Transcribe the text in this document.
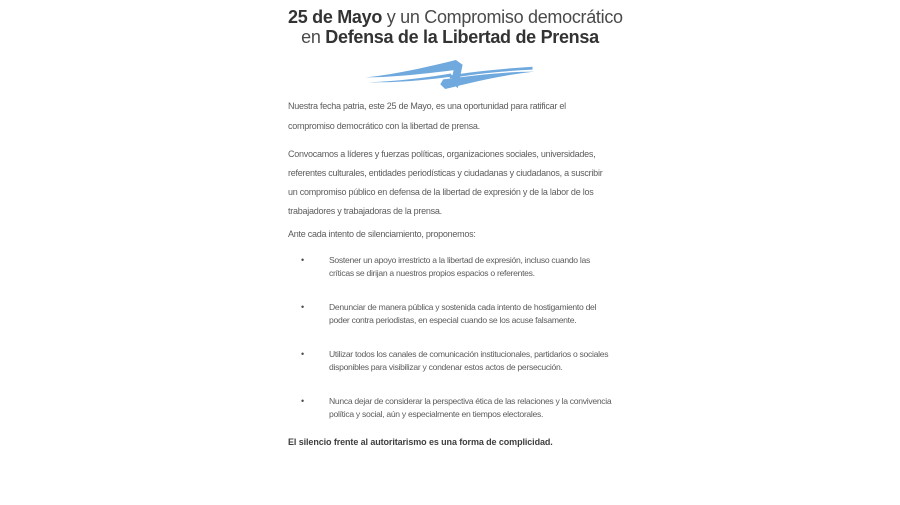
25 de Mayo y un Compromiso democrático
en Defensa de la Libertad de Prensa

Nuestra fecha patria, este 25 de Mayo, es una oportunidad para ratificar el compromiso democrático con la libertad de prensa.

Convocamos a líderes y fuerzas políticas, organizaciones sociales, universidades, referentes culturales, entidades periodísticas y ciudadanas y ciudadanos, a suscribir un compromiso público en defensa de la libertad de expresión y de la labor de los trabajadores y trabajadoras de la prensa.

Ante cada intento de silenciamiento, proponemos:

•	Sostener un apoyo irrestricto a la libertad de expresión, incluso cuando las críticas se dirijan a nuestros propios espacios o referentes.
•	Denunciar de manera pública y sostenida cada intento de hostigamiento del poder contra periodistas, en especial cuando se los acuse falsamente.
•	Utilizar todos los canales de comunicación institucionales, partidarios o sociales disponibles para visibilizar y condenar estos actos de persecución.
•	Nunca dejar de considerar la perspectiva ética de las relaciones y la convivencia política y social, aún y especialmente en tiempos electorales.

El silencio frente al autoritarismo es una forma de complicidad.
